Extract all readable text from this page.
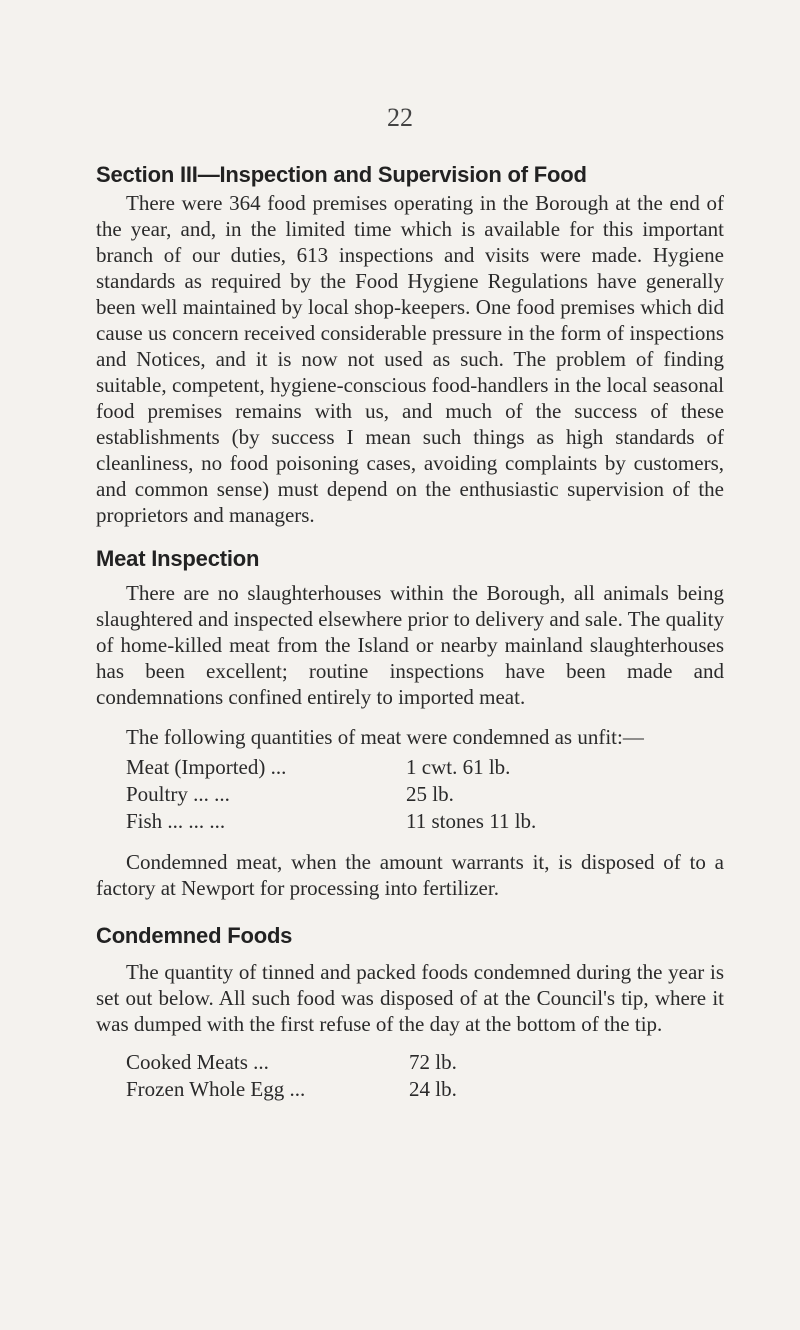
22
Section III—Inspection and Supervision of Food

There were 364 food premises operating in the Borough at the end of the year, and, in the limited time which is available for this important branch of our duties, 613 inspections and visits were made. Hygiene standards as required by the Food Hygiene Regulations have generally been well maintained by local shop-keepers. One food premises which did cause us concern received considerable pressure in the form of inspections and Notices, and it is now not used as such. The problem of finding suitable, competent, hygiene-conscious food-handlers in the local seasonal food premises remains with us, and much of the success of these establishments (by success I mean such things as high standards of cleanliness, no food poisoning cases, avoiding complaints by customers, and common sense) must depend on the enthusiastic supervision of the proprietors and managers.

Meat Inspection

There are no slaughterhouses within the Borough, all animals being slaughtered and inspected elsewhere prior to delivery and sale. The quality of home-killed meat from the Island or nearby mainland slaughterhouses has been excellent; routine inspections have been made and condemnations confined entirely to imported meat.

The following quantities of meat were condemned as unfit:—

Meat (Imported) ...	1 cwt. 61 lb.
Poultry ... ...	25 lb.
Fish ... ... ...	11 stones 11 lb.

Condemned meat, when the amount warrants it, is disposed of to a factory at Newport for processing into fertilizer.

Condemned Foods

The quantity of tinned and packed foods condemned during the year is set out below. All such food was disposed of at the Council's tip, where it was dumped with the first refuse of the day at the bottom of the tip.

Cooked Meats ...	72 lb.
Frozen Whole Egg ...	24 lb.
